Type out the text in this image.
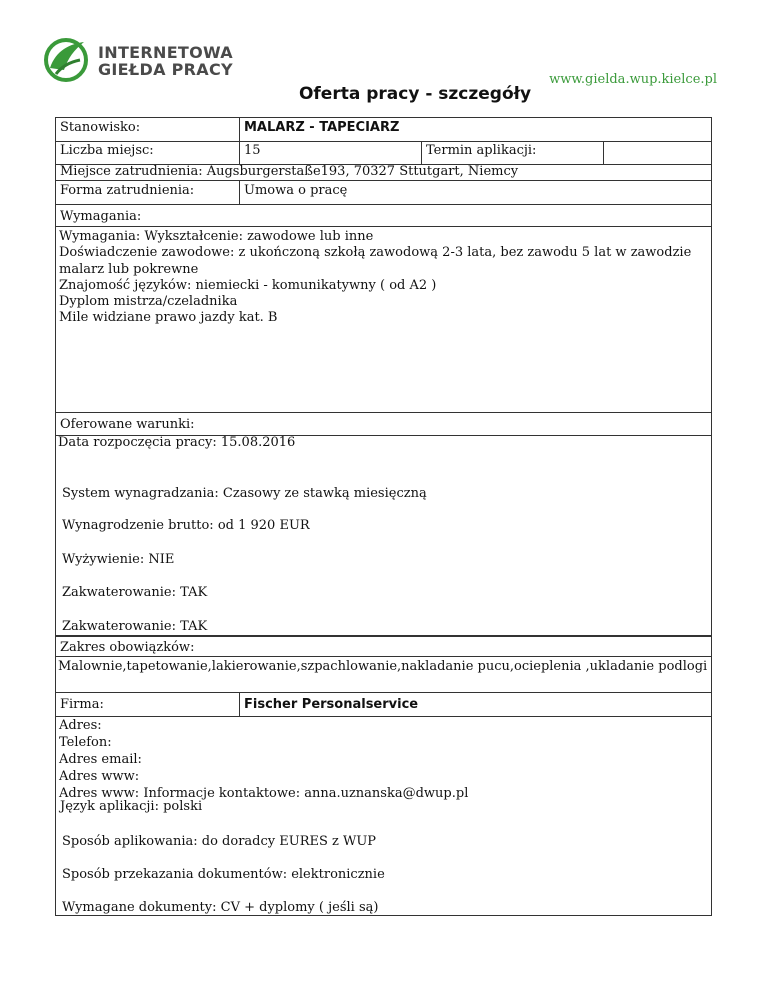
INTERNETOWA
GIEŁDA PRACY
www.gielda.wup.kielce.pl
Oferta pracy - szczegóły
Stanowisko:	MALARZ - TAPECIARZ
Liczba miejsc:	15	Termin aplikacji:
Miejsce zatrudnienia: Augsburgerstaße193, 70327 Sttutgart, Niemcy
Forma zatrudnienia:	Umowa o pracę
Wymagania:
Wymagania: Wykształcenie: zawodowe lub inne
Doświadczenie zawodowe: z ukończoną szkołą zawodową 2-3 lata, bez zawodu 5 lat w zawodzie
malarz lub pokrewne
Znajomość języków: niemiecki - komunikatywny ( od A2 )
Dyplom mistrza/czeladnika
Mile widziane prawo jazdy kat. B
Oferowane warunki:
Data rozpoczęcia pracy: 15.08.2016
System wynagradzania: Czasowy ze stawką miesięczną
Wynagrodzenie brutto: od 1 920 EUR
Wyżywienie: NIE
Zakwaterowanie: TAK
Zakwaterowanie: TAK
Zakres obowiązków:
Malownie,tapetowanie,lakierowanie,szpachlowanie,nakladanie pucu,ocieplenia ,ukladanie podlogi
Firma:	Fischer Personalservice
Adres:
Telefon:
Adres email:
Adres www:
Adres www: Informacje kontaktowe: anna.uznanska@dwup.pl
Język aplikacji: polski
Sposób aplikowania: do doradcy EURES z WUP
Sposób przekazania dokumentów: elektronicznie
Wymagane dokumenty: CV + dyplomy ( jeśli są)
